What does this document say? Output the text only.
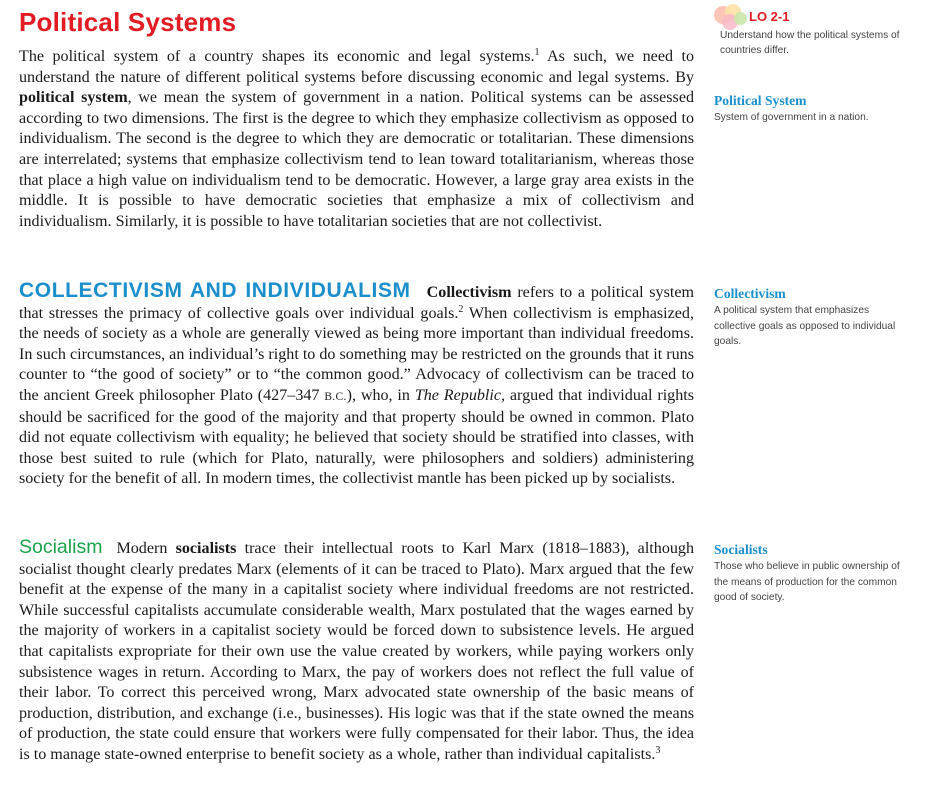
Political Systems

The political system of a country shapes its economic and legal systems.$^1$ As such, we need to understand the nature of different political systems before discussing economic and legal systems. By political system, we mean the system of government in a nation. Political systems can be assessed according to two dimensions. The first is the degree to which they emphasize collectivism as opposed to individualism. The second is the degree to which they are democratic or totalitarian. These dimensions are interrelated; systems that emphasize collectivism tend to lean toward totalitarianism, whereas those that place a high value on individualism tend to be democratic. However, a large gray area exists in the middle. It is possible to have democratic societies that emphasize a mix of collectivism and individualism. Similarly, it is possible to have totalitarian societies that are not collectivist.

COLLECTIVISM AND INDIVIDUALISM Collectivism refers to a political system that stresses the primacy of collective goals over individual goals.$^2$ When collectivism is emphasized, the needs of society as a whole are generally viewed as being more important than individual freedoms. In such circumstances, an individual’s right to do something may be restricted on the grounds that it runs counter to “the good of society” or to “the common good.” Advocacy of collectivism can be traced to the ancient Greek philosopher Plato (427–347 B.C.), who, in The Republic, argued that individual rights should be sacrificed for the good of the majority and that property should be owned in common. Plato did not equate collectivism with equality; he believed that society should be stratified into classes, with those best suited to rule (which for Plato, naturally, were philosophers and soldiers) administering society for the benefit of all. In modern times, the collectivist mantle has been picked up by socialists.

Socialism Modern socialists trace their intellectual roots to Karl Marx (1818–1883), although socialist thought clearly predates Marx (elements of it can be traced to Plato). Marx argued that the few benefit at the expense of the many in a capitalist society where individual freedoms are not restricted. While successful capitalists accumulate considerable wealth, Marx postulated that the wages earned by the majority of workers in a capitalist society would be forced down to subsistence levels. He argued that capitalists expropriate for their own use the value created by workers, while paying workers only subsistence wages in return. According to Marx, the pay of workers does not reflect the full value of their labor. To correct this perceived wrong, Marx advocated state ownership of the basic means of production, distribution, and exchange (i.e., businesses). His logic was that if the state owned the means of production, the state could ensure that workers were fully compensated for their labor. Thus, the idea is to manage state-owned enterprise to benefit society as a whole, rather than individual capitalists.$^3$

LO 2-1
Understand how the political systems of countries differ.
Political System
System of government in a nation.
Collectivism
A political system that emphasizes collective goals as opposed to individual goals.
Socialists
Those who believe in public ownership of the means of production for the common good of society.
